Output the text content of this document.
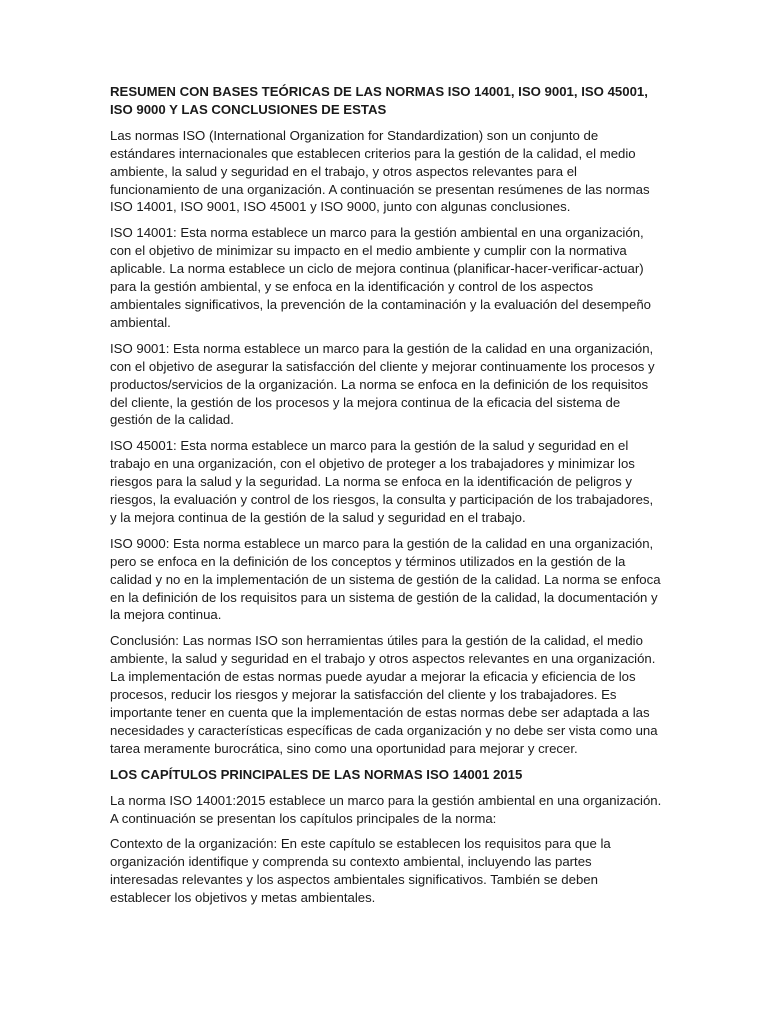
RESUMEN CON BASES TEÓRICAS DE LAS NORMAS ISO 14001, ISO 9001, ISO 45001, ISO 9000 Y LAS CONCLUSIONES DE ESTAS

Las normas ISO (International Organization for Standardization) son un conjunto de estándares internacionales que establecen criterios para la gestión de la calidad, el medio ambiente, la salud y seguridad en el trabajo, y otros aspectos relevantes para el funcionamiento de una organización. A continuación se presentan resúmenes de las normas ISO 14001, ISO 9001, ISO 45001 y ISO 9000, junto con algunas conclusiones.

ISO 14001: Esta norma establece un marco para la gestión ambiental en una organización, con el objetivo de minimizar su impacto en el medio ambiente y cumplir con la normativa aplicable. La norma establece un ciclo de mejora continua (planificar-hacer-verificar-actuar) para la gestión ambiental, y se enfoca en la identificación y control de los aspectos ambientales significativos, la prevención de la contaminación y la evaluación del desempeño ambiental.

ISO 9001: Esta norma establece un marco para la gestión de la calidad en una organización, con el objetivo de asegurar la satisfacción del cliente y mejorar continuamente los procesos y productos/servicios de la organización. La norma se enfoca en la definición de los requisitos del cliente, la gestión de los procesos y la mejora continua de la eficacia del sistema de gestión de la calidad.

ISO 45001: Esta norma establece un marco para la gestión de la salud y seguridad en el trabajo en una organización, con el objetivo de proteger a los trabajadores y minimizar los riesgos para la salud y la seguridad. La norma se enfoca en la identificación de peligros y riesgos, la evaluación y control de los riesgos, la consulta y participación de los trabajadores, y la mejora continua de la gestión de la salud y seguridad en el trabajo.

ISO 9000: Esta norma establece un marco para la gestión de la calidad en una organización, pero se enfoca en la definición de los conceptos y términos utilizados en la gestión de la calidad y no en la implementación de un sistema de gestión de la calidad. La norma se enfoca en la definición de los requisitos para un sistema de gestión de la calidad, la documentación y la mejora continua.

Conclusión: Las normas ISO son herramientas útiles para la gestión de la calidad, el medio ambiente, la salud y seguridad en el trabajo y otros aspectos relevantes en una organización. La implementación de estas normas puede ayudar a mejorar la eficacia y eficiencia de los procesos, reducir los riesgos y mejorar la satisfacción del cliente y los trabajadores. Es importante tener en cuenta que la implementación de estas normas debe ser adaptada a las necesidades y características específicas de cada organización y no debe ser vista como una tarea meramente burocrática, sino como una oportunidad para mejorar y crecer.

LOS CAPÍTULOS PRINCIPALES DE LAS NORMAS ISO 14001 2015

La norma ISO 14001:2015 establece un marco para la gestión ambiental en una organización. A continuación se presentan los capítulos principales de la norma:

Contexto de la organización: En este capítulo se establecen los requisitos para que la organización identifique y comprenda su contexto ambiental, incluyendo las partes interesadas relevantes y los aspectos ambientales significativos. También se deben establecer los objetivos y metas ambientales.
